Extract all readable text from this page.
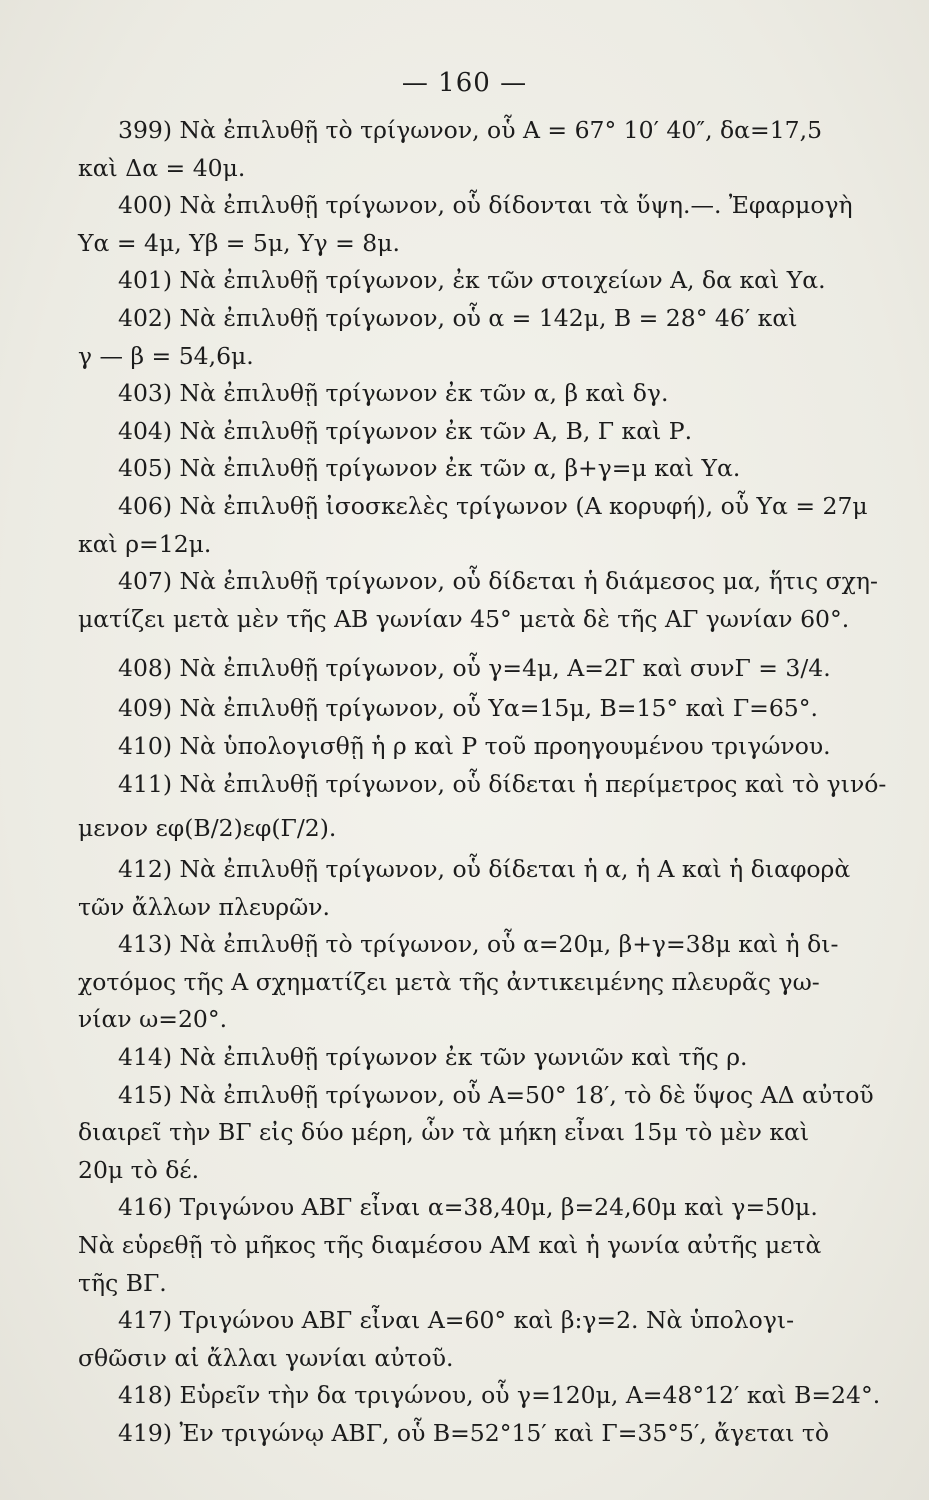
— 160 —
399) Νὰ ἐπιλυθῇ τὸ τρίγωνον, οὗ Α = 67° 10′ 40″, δα=17,5
καὶ Δα = 40μ.
400) Νὰ ἐπιλυθῇ τρίγωνον, οὗ δίδονται τὰ ὕψη.—. Ἐφαρμογὴ
Υα = 4μ, Υβ = 5μ, Υγ = 8μ.
401) Νὰ ἐπιλυθῇ τρίγωνον, ἐκ τῶν στοιχείων Α, δα καὶ Υα.
402) Νὰ ἐπιλυθῇ τρίγωνον, οὗ α = 142μ, Β = 28° 46′ καὶ
γ — β = 54,6μ.
403) Νὰ ἐπιλυθῇ τρίγωνον ἐκ τῶν α, β καὶ δγ.
404) Νὰ ἐπιλυθῇ τρίγωνον ἐκ τῶν Α, Β, Γ καὶ Ρ.
405) Νὰ ἐπιλυθῇ τρίγωνον ἐκ τῶν α, β+γ=μ καὶ Υα.
406) Νὰ ἐπιλυθῇ ἰσοσκελὲς τρίγωνον (Α κορυφή), οὗ Υα = 27μ
καὶ ρ=12μ.
407) Νὰ ἐπιλυθῇ τρίγωνον, οὗ δίδεται ἡ διάμεσος μα, ἥτις σχη-
ματίζει μετὰ μὲν τῆς ΑΒ γωνίαν 45° μετὰ δὲ τῆς ΑΓ γωνίαν 60°.
408) Νὰ ἐπιλυθῇ τρίγωνον, οὗ γ=4μ, Α=2Γ καὶ συνΓ = 3/4.
409) Νὰ ἐπιλυθῇ τρίγωνον, οὗ Υα=15μ, Β=15° καὶ Γ=65°.
410) Νὰ ὑπολογισθῇ ἡ ρ καὶ Ρ τοῦ προηγουμένου τριγώνου.
411) Νὰ ἐπιλυθῇ τρίγωνον, οὗ δίδεται ἡ περίμετρος καὶ τὸ γινό-
μενον εφ(Β/2)εφ(Γ/2).
412) Νὰ ἐπιλυθῇ τρίγωνον, οὗ δίδεται ἡ α, ἡ Α καὶ ἡ διαφορὰ
τῶν ἄλλων πλευρῶν.
413) Νὰ ἐπιλυθῇ τὸ τρίγωνον, οὗ α=20μ, β+γ=38μ καὶ ἡ δι-
χοτόμος τῆς Α σχηματίζει μετὰ τῆς ἀντικειμένης πλευρᾶς γω-
νίαν ω=20°.
414) Νὰ ἐπιλυθῇ τρίγωνον ἐκ τῶν γωνιῶν καὶ τῆς ρ.
415) Νὰ ἐπιλυθῇ τρίγωνον, οὗ Α=50° 18′, τὸ δὲ ὕψος ΑΔ αὐτοῦ
διαιρεῖ τὴν ΒΓ εἰς δύο μέρη, ὧν τὰ μήκη εἶναι 15μ τὸ μὲν καὶ
20μ τὸ δέ.
416) Τριγώνου ΑΒΓ εἶναι α=38,40μ, β=24,60μ καὶ γ=50μ.
Νὰ εὑρεθῇ τὸ μῆκος τῆς διαμέσου ΑΜ καὶ ἡ γωνία αὐτῆς μετὰ
τῆς ΒΓ.
417) Τριγώνου ΑΒΓ εἶναι Α=60° καὶ β:γ=2. Νὰ ὑπολογι-
σθῶσιν αἱ ἄλλαι γωνίαι αὐτοῦ.
418) Εὑρεῖν τὴν δα τριγώνου, οὗ γ=120μ, Α=48°12′ καὶ Β=24°.
419) Ἐν τριγώνῳ ΑΒΓ, οὗ Β=52°15′ καὶ Γ=35°5′, ἄγεται τὸ
